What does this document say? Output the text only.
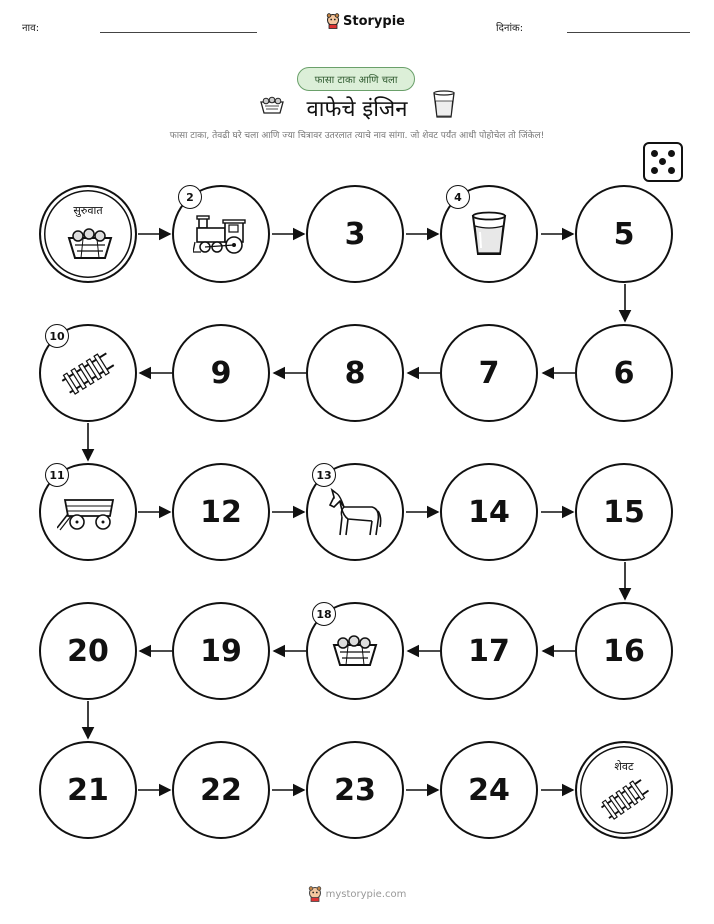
नाव:	Storypie	दिनांक:
फासा टाका आणि चला
वाफेचे इंजिन
फासा टाका, तेवढी घरे चला आणि ज्या चित्रावर उतरलात त्याचे नाव सांगा. जो शेवट पर्यंत आधी पोहोचेल तो जिंकेल!
सुरुवात
2
3
4
5
10
9	8	7	6
11
12
13
14	15
20	19
18
17	16
21	22	23	24
शेवट
mystorypie.com
